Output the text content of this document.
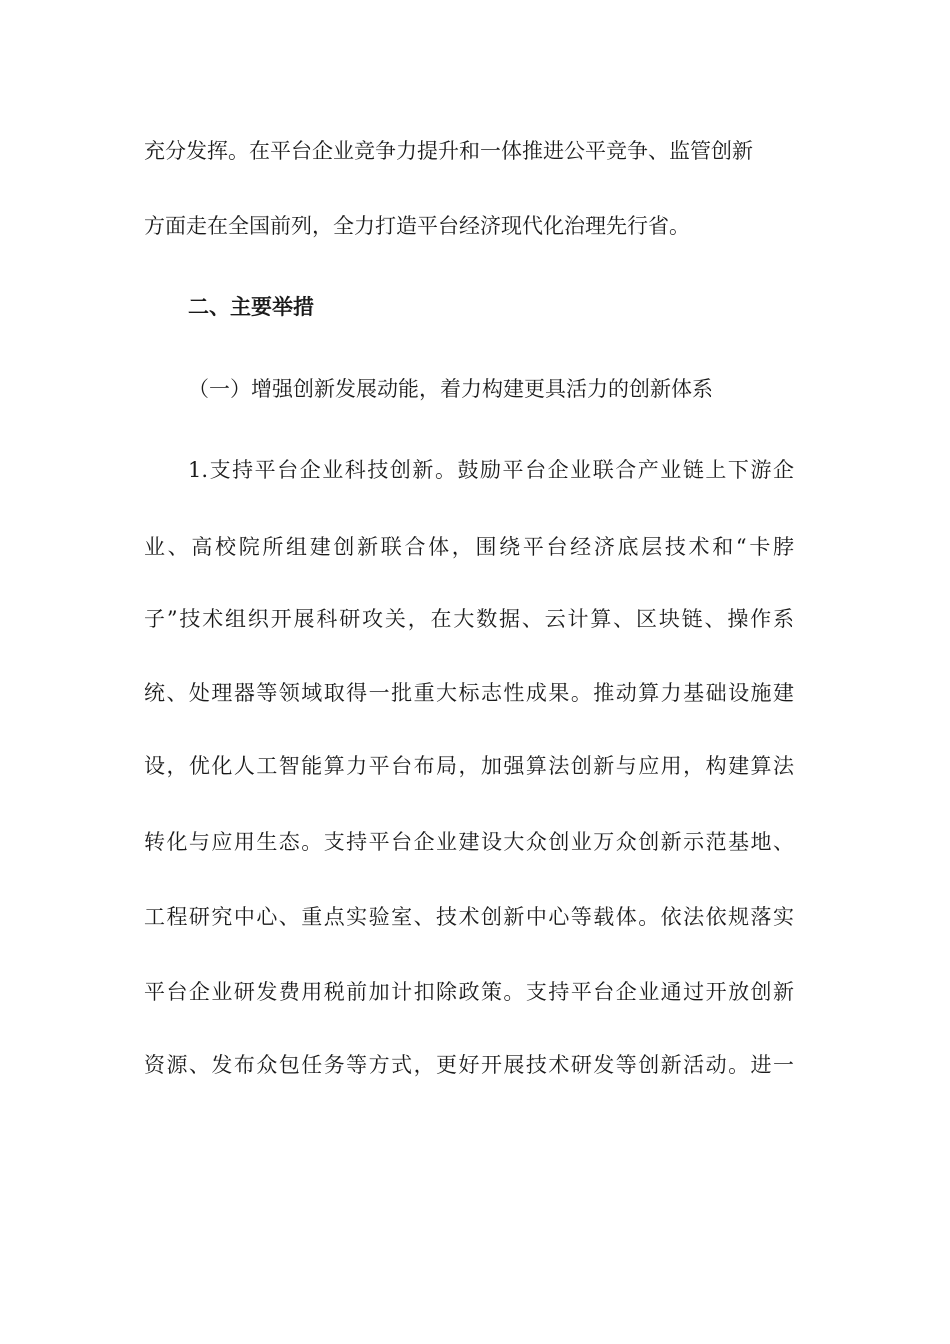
充分发挥。在平台企业竞争力提升和一体推进公平竞争、监管创新
方面走在全国前列，全力打造平台经济现代化治理先行省。
二、主要举措
（一）增强创新发展动能，着力构建更具活力的创新体系
1.支持平台企业科技创新。鼓励平台企业联合产业链上下游企
业、高校院所组建创新联合体，围绕平台经济底层技术和“卡脖
子”技术组织开展科研攻关，在大数据、云计算、区块链、操作系
统、处理器等领域取得一批重大标志性成果。推动算力基础设施建
设，优化人工智能算力平台布局，加强算法创新与应用，构建算法
转化与应用生态。支持平台企业建设大众创业万众创新示范基地、
工程研究中心、重点实验室、技术创新中心等载体。依法依规落实
平台企业研发费用税前加计扣除政策。支持平台企业通过开放创新
资源、发布众包任务等方式，更好开展技术研发等创新活动。进一
